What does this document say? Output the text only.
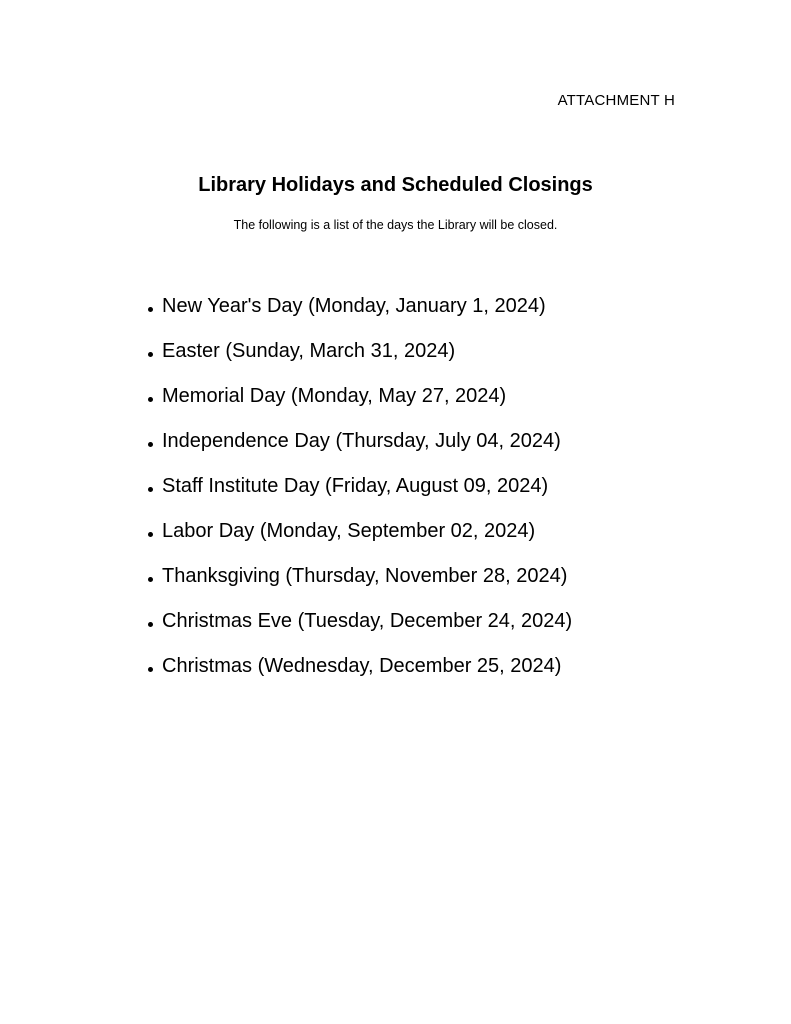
ATTACHMENT H
Library Holidays and Scheduled Closings
The following is a list of the days the Library will be closed.
New Year's Day (Monday, January 1, 2024)
Easter (Sunday, March 31, 2024)
Memorial Day (Monday, May 27, 2024)
Independence Day (Thursday, July 04, 2024)
Staff Institute Day (Friday, August 09, 2024)
Labor Day (Monday, September 02, 2024)
Thanksgiving (Thursday, November 28, 2024)
Christmas Eve (Tuesday, December 24, 2024)
Christmas (Wednesday, December 25, 2024)
